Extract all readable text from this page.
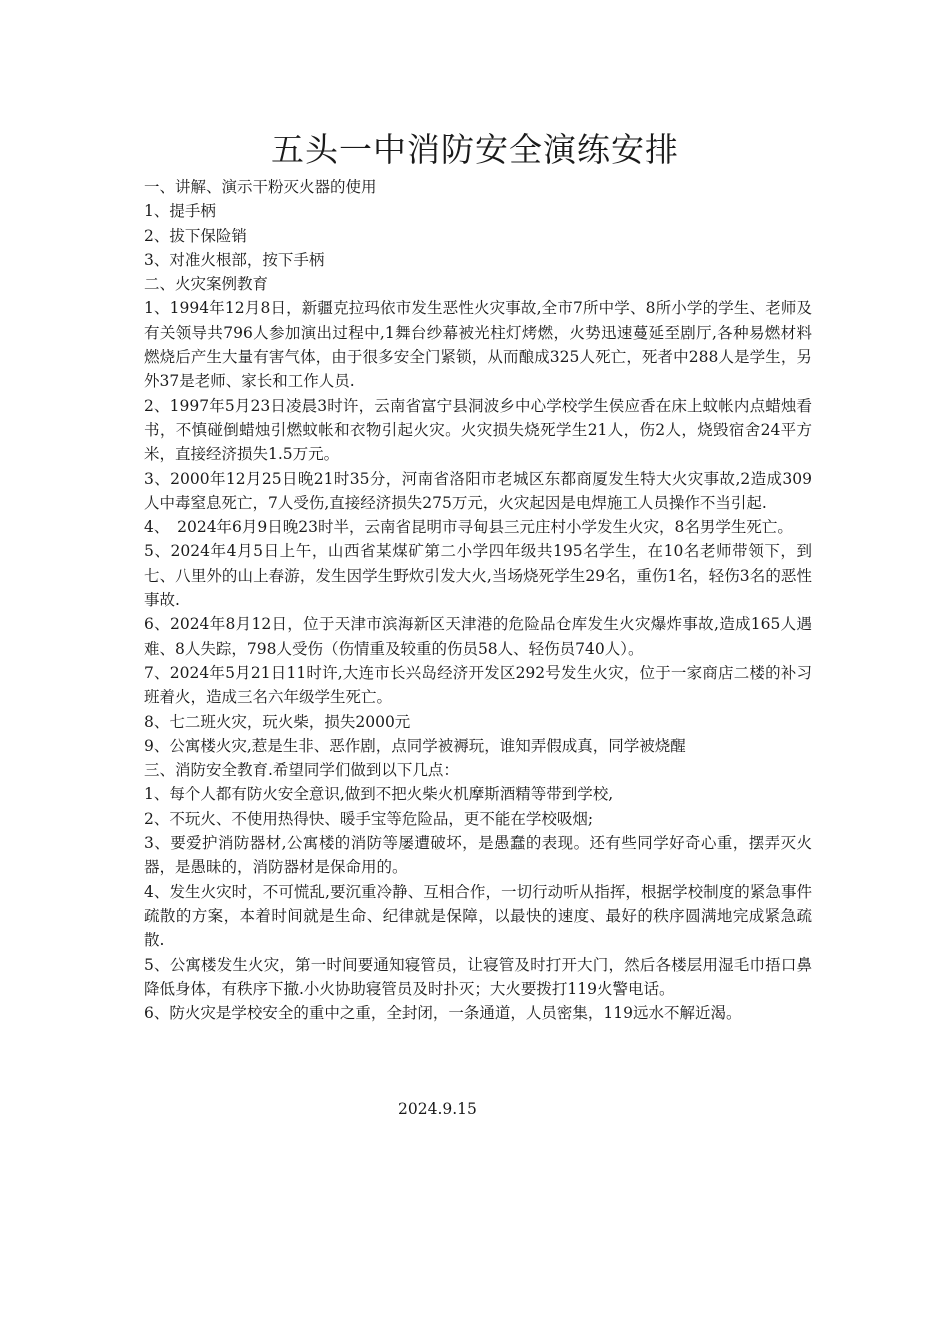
五头一中消防安全演练安排

一、讲解、演示干粉灭火器的使用

1、提手柄

2、拔下保险销

3、对准火根部，按下手柄

二、火灾案例教育

1、1994年12月8日，新疆克拉玛依市发生恶性火灾事故,全市7所中学、8所小学的学生、老师及有关领导共796人参加演出过程中,1舞台纱幕被光柱灯烤燃，火势迅速蔓延至剧厅,各种易燃材料燃烧后产生大量有害气体，由于很多安全门紧锁，从而酿成325人死亡，死者中288人是学生，另外37是老师、家长和工作人员.

2、1997年5月23日凌晨3时许，云南省富宁县洞波乡中心学校学生侯应香在床上蚊帐内点蜡烛看书，不慎碰倒蜡烛引燃蚊帐和衣物引起火灾。火灾损失烧死学生21人，伤2人，烧毁宿舍24平方米，直接经济损失1.5万元。

3、2000年12月25日晚21时35分，河南省洛阳市老城区东都商厦发生特大火灾事故,2造成309人中毒窒息死亡，7人受伤,直接经济损失275万元，火灾起因是电焊施工人员操作不当引起.

4、　2024年6月9日晚23时半，云南省昆明市寻甸县三元庄村小学发生火灾，8名男学生死亡。

5、2024年4月5日上午，山西省某煤矿第二小学四年级共195名学生，在10名老师带领下，到七、八里外的山上春游，发生因学生野炊引发大火,当场烧死学生29名，重伤1名，轻伤3名的恶性事故.

6、2024年8月12日，位于天津市滨海新区天津港的危险品仓库发生火灾爆炸事故,造成165人遇难、8人失踪，798人受伤（伤情重及较重的伤员58人、轻伤员740人）。

7、2024年5月21日11时许,大连市长兴岛经济开发区292号发生火灾，位于一家商店二楼的补习班着火，造成三名六年级学生死亡。

8、七二班火灾，玩火柴，损失2000元

9、公寓楼火灾,惹是生非、恶作剧，点同学被褥玩，谁知弄假成真，同学被烧醒

三、消防安全教育.希望同学们做到以下几点：

1、每个人都有防火安全意识,做到不把火柴火机摩斯酒精等带到学校,

2、不玩火、不使用热得快、暖手宝等危险品，更不能在学校吸烟;

3、要爱护消防器材,公寓楼的消防等屡遭破坏，是愚蠢的表现。还有些同学好奇心重，摆弄灭火器，是愚昧的，消防器材是保命用的。

4、发生火灾时，不可慌乱,要沉重冷静、互相合作，一切行动听从指挥，根据学校制度的紧急事件疏散的方案，本着时间就是生命、纪律就是保障，以最快的速度、最好的秩序圆满地完成紧急疏散.

5、公寓楼发生火灾，第一时间要通知寝管员，让寝管及时打开大门，然后各楼层用湿毛巾捂口鼻降低身体，有秩序下撤.小火协助寝管员及时扑灭；大火要拨打119火警电话。

6、防火灾是学校安全的重中之重，全封闭，一条通道，人员密集，119远水不解近渴。

2024.9.15
